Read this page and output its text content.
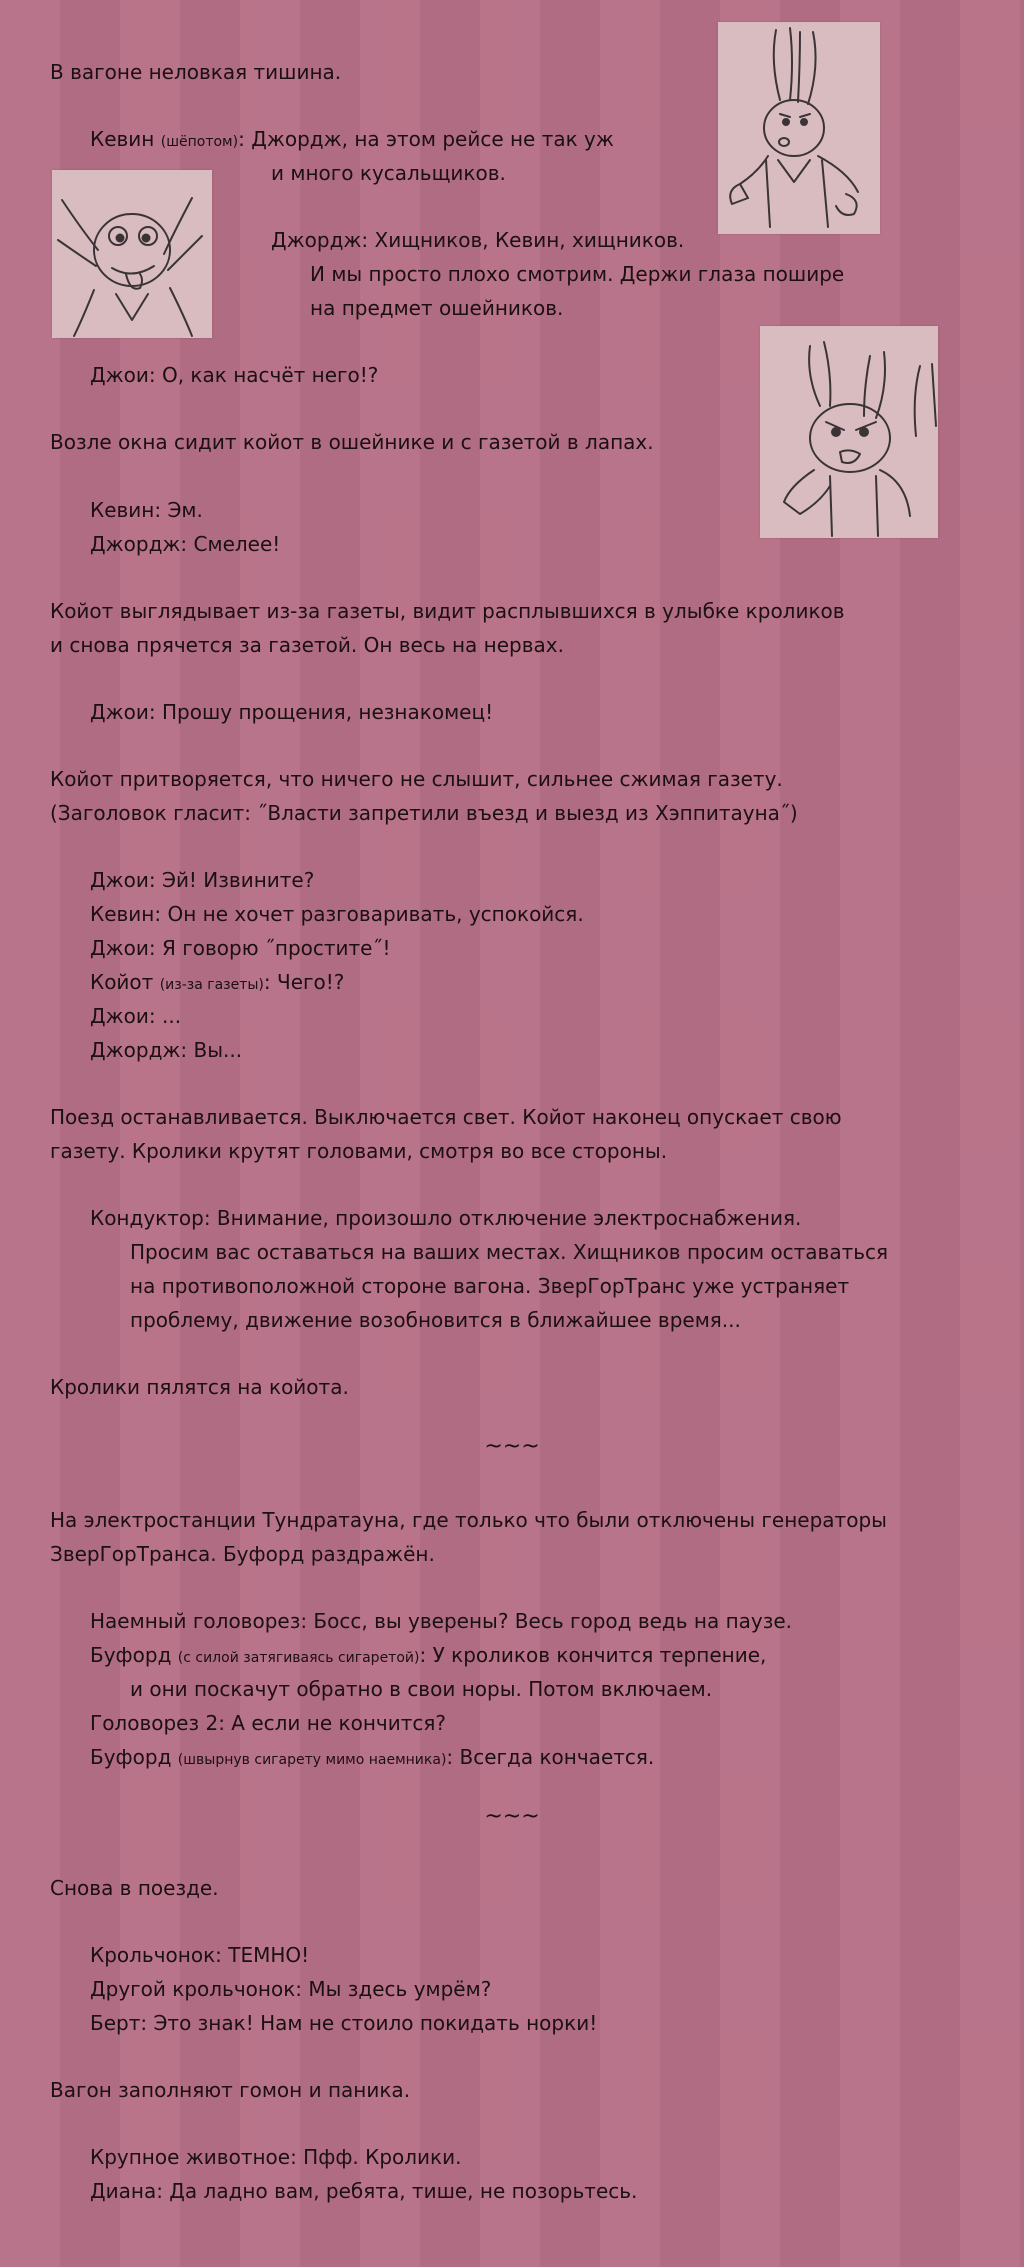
В вагоне неловкая тишина.
Кевин (шёпотом): Джордж, на этом рейсе не так уж
и много кусальщиков.
Джордж: Хищников, Кевин, хищников.
И мы просто плохо смотрим. Держи глаза пошире
на предмет ошейников.
Джои: О, как насчёт него!?
Возле окна сидит койот в ошейнике и с газетой в лапах.
Кевин: Эм.
Джордж: Смелее!
Койот выглядывает из-за газеты, видит расплывшихся в улыбке кроликов
и снова прячется за газетой. Он весь на нервах.
Джои: Прошу прощения, незнакомец!
Койот притворяется, что ничего не слышит, сильнее сжимая газету.
(Заголовок гласит: ˝Власти запретили въезд и выезд из Хэппитауна˝)
Джои: Эй! Извините?
Кевин: Он не хочет разговаривать, успокойся.
Джои: Я говорю ˝простите˝!
Койот (из-за газеты): Чего!?
Джои: ...
Джордж: Вы...
Поезд останавливается. Выключается свет. Койот наконец опускает свою
газету. Кролики крутят головами, смотря во все стороны.
Кондуктор: Внимание, произошло отключение электроснабжения.
Просим вас оставаться на ваших местах. Хищников просим оставаться
на противоположной стороне вагона. ЗверГорТранс уже устраняет
проблему, движение возобновится в ближайшее время...
Кролики пялятся на койота.
~~~
На электростанции Тундратауна, где только что были отключены генераторы
ЗверГорТранса. Буфорд раздражён.
Наемный головорез: Босс, вы уверены? Весь город ведь на паузе.
Буфорд (с силой затягиваясь сигаретой): У кроликов кончится терпение,
и они поскачут обратно в свои норы. Потом включаем.
Головорез 2: А если не кончится?
Буфорд (швырнув сигарету мимо наемника): Всегда кончается.
~~~
Снова в поезде.
Крольчонок: ТЕМНО!
Другой крольчонок: Мы здесь умрём?
Берт: Это знак! Нам не стоило покидать норки!
Вагон заполняют гомон и паника.
Крупное животное: Пфф. Кролики.
Диана: Да ладно вам, ребята, тише, не позорьтесь.
